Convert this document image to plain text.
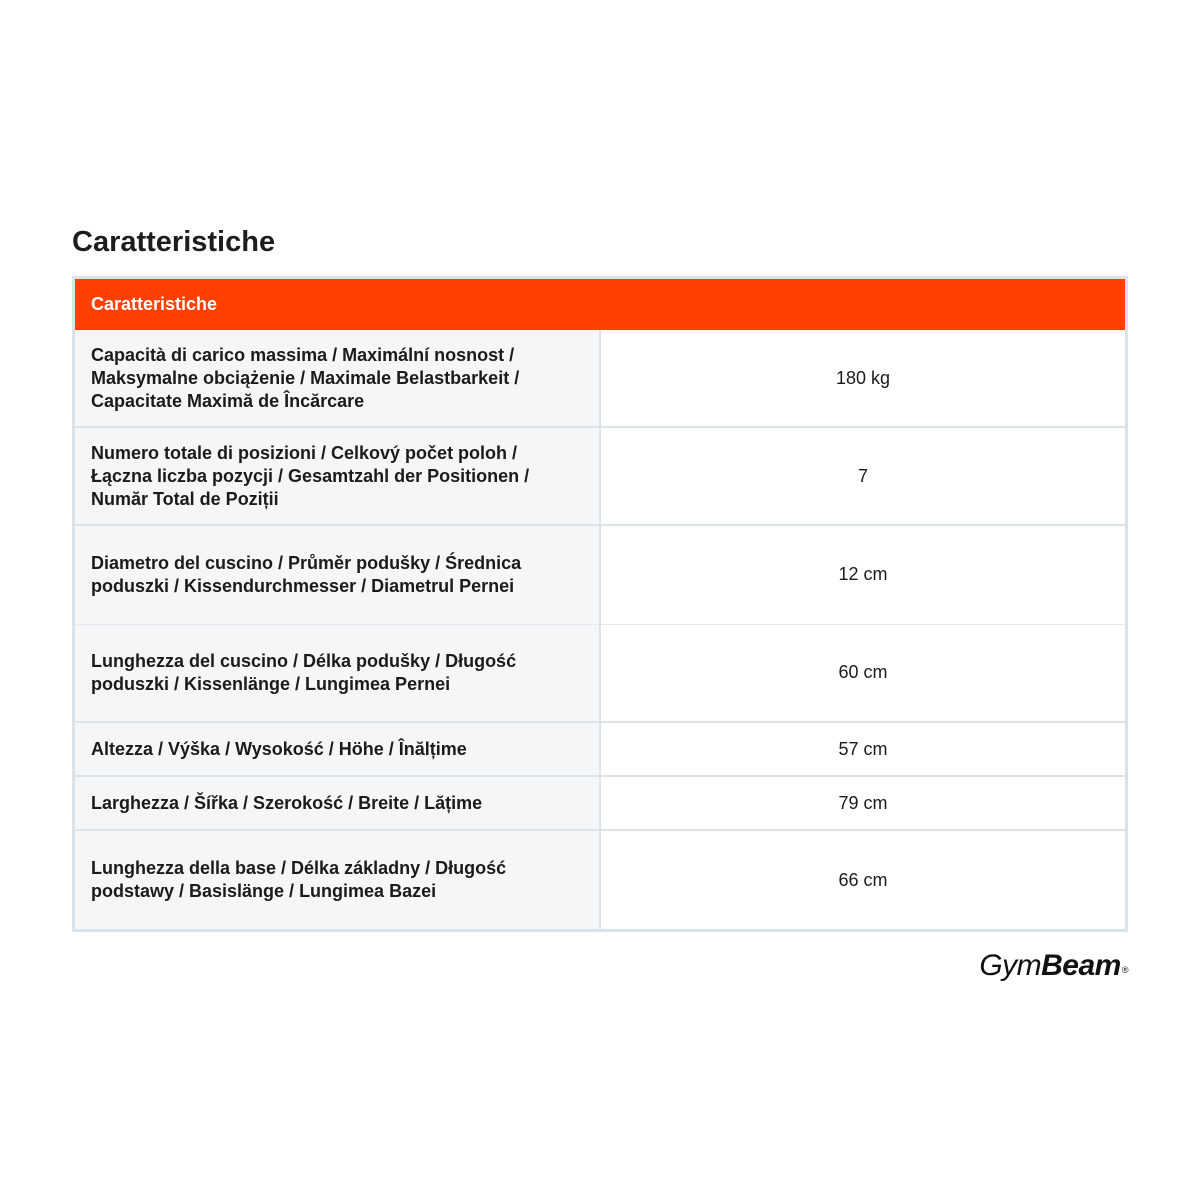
Caratteristiche
Caratteristiche	
Capacità di carico massima / Maximální nosnost / Maksymalne obciążenie / Maximale Belastbarkeit / Capacitate Maximă de Încărcare	180 kg
Numero totale di posizioni / Celkový počet poloh / Łączna liczba pozycji / Gesamtzahl der Positionen / Număr Total de Poziții	7
Diametro del cuscino / Průměr podušky / Średnica poduszki / Kissendurchmesser / Diametrul Pernei	12 cm
Lunghezza del cuscino / Délka podušky / Długość poduszki / Kissenlänge / Lungimea Pernei	60 cm
Altezza / Výška / Wysokość / Höhe / Înălțime	57 cm
Larghezza / Šířka / Szerokość / Breite / Lățime	79 cm
Lunghezza della base / Délka základny / Długość podstawy / Basislänge / Lungimea Bazei	66 cm
GymBeam®
